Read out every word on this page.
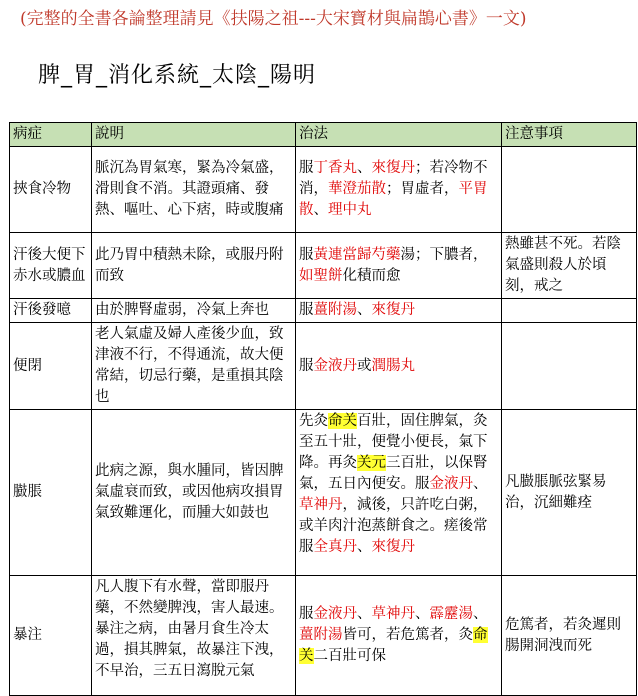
(完整的全書各論整理請見《扶陽之祖---大宋寶材與扁鵲心書》一文)
脾_胃_消化系統_太陰_陽明
病症	說明	治法	注意事項
挾食冷物	脈沉為胃氣寒，緊為冷氣盛，滑則食不消。其證頭痛、發熱、嘔吐、心下痞，時或腹痛	服丁香丸、來復丹；若冷物不消，華澄茄散；胃虛者，平胃散、理中丸	
汗後大便下赤水或膿血	此乃胃中積熱未除，或服丹附而致	服黃連當歸芍藥湯；下膿者，如聖餅化積而愈	熱雖甚不死。若陰氣盛則殺人於頃刻，戒之
汗後發噫	由於脾腎虛弱，冷氣上奔也	服薑附湯、來復丹	
便閉	老人氣虛及婦人產後少血，致津液不行，不得通流，故大便常結，切忌行藥，是重損其陰也	服金液丹或潤腸丸	
臌脹	此病之源，與水腫同，皆因脾氣虛衰而致，或因他病攻損胃氣致難運化，而腫大如鼓也	先灸命关百壯，固住脾氣，灸至五十壯，便覺小便長，氣下降。再灸关元三百壯，以保腎氣，五日內便安。服金液丹、草神丹，減後，只許吃白粥，或羊肉汁泡蒸餅食之。瘥後常服全真丹、來復丹	凡臌脹脈弦緊易治，沉細難痊
暴注	凡人腹下有水聲，當即服丹藥，不然變脾洩，害人最速。暴注之病，由暑月食生冷太過，損其脾氣，故暴注下洩，不早治，三五日瀉脫元氣	服金液丹、草神丹、霹靂湯、薑附湯皆可，若危篤者，灸命关二百壯可保	危篤者，若灸遲則腸開洞洩而死
